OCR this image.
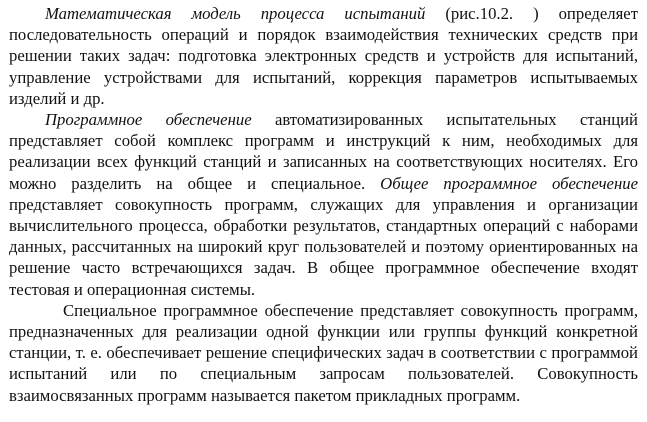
Математическая модель процесса испытаний (рис.10.2. ) определяет последовательность операций и порядок взаимодействия технических средств при решении таких задач: подготовка электронных средств и устройств для испытаний, управление устройствами для испытаний, коррекция параметров испытываемых изделий и др.

Программное обеспечение автоматизированных испытательных станций представляет собой комплекс программ и инструкций к ним, необходимых для реализации всех функций станций и записанных на соответствующих носителях. Его можно разделить на общее и специальное. Общее программное обеспечение представляет совокупность программ, служащих для управления и организации вычислительного процесса, обработки результатов, стандартных операций с наборами данных, рассчитанных на широкий круг пользователей и поэтому ориентированных на решение часто встречающихся задач. В общее программное обеспечение входят тестовая и операционная системы.

Специальное программное обеспечение представляет совокупность программ, предназначенных для реализации одной функции или группы функций конкретной станции, т. е. обеспечивает решение специфических задач в соответствии с программой испытаний или по специальным запросам пользователей. Совокупность взаимосвязанных программ называется пакетом прикладных программ.
